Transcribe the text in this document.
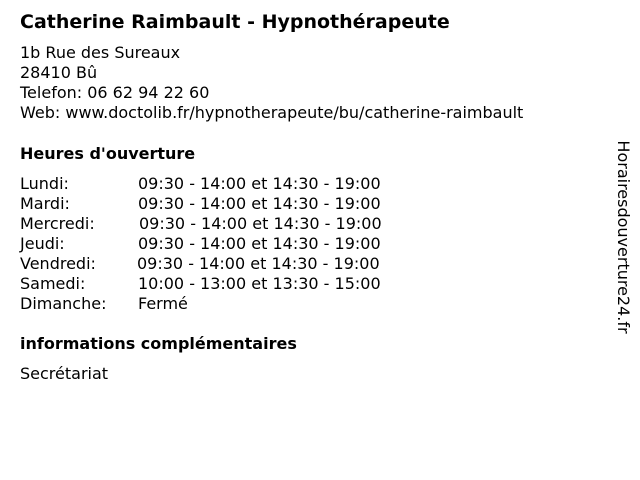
Catherine Raimbault - Hypnothérapeute
1b Rue des Sureaux
28410 Bû
Telefon: 06 62 94 22 60
Web: www.doctolib.fr/hypnotherapeute/bu/catherine-raimbault
Heures d'ouverture
Lundi:	09:30 - 14:00 et 14:30 - 19:00
Mardi:	09:30 - 14:00 et 14:30 - 19:00
Mercredi:	09:30 - 14:00 et 14:30 - 19:00
Jeudi:	09:30 - 14:00 et 14:30 - 19:00
Vendredi:	09:30 - 14:00 et 14:30 - 19:00
Samedi:	10:00 - 13:00 et 13:30 - 15:00
Dimanche: Fermé
informations complémentaires
Secrétariat
Horairesdouverture24.fr
